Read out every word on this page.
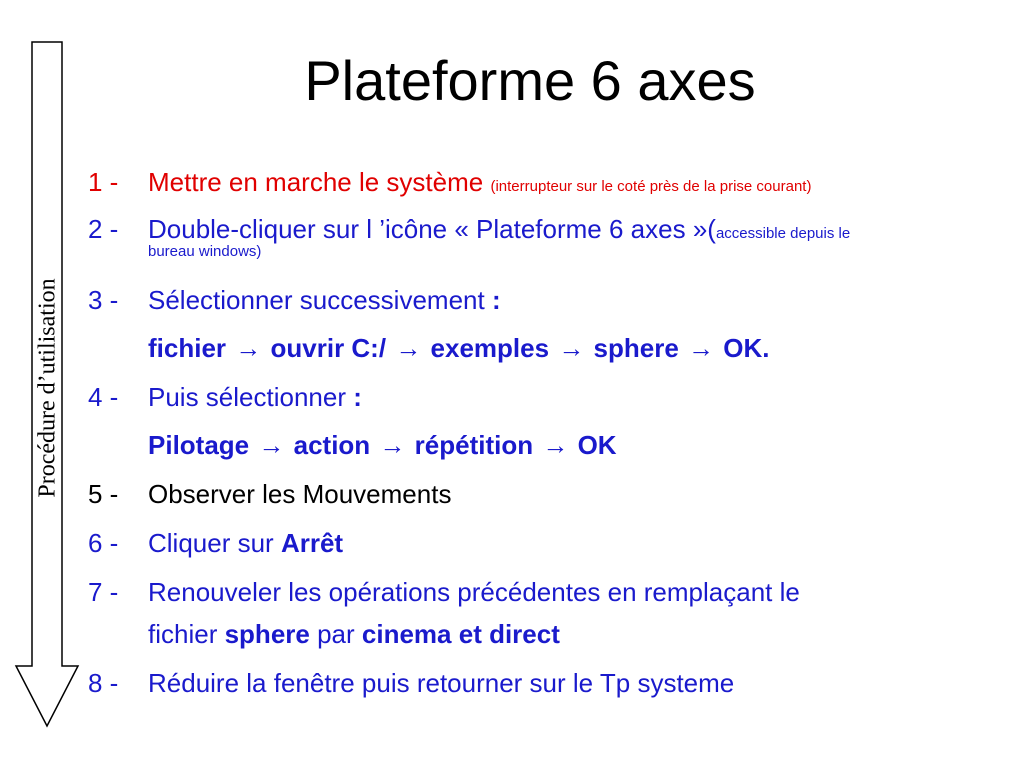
Plateforme 6 axes
Procédure d’utilisation
1 -	Mettre en marche le système (interrupteur sur le coté près de la prise courant)
2 -	Double-cliquer sur l ’icône « Plateforme 6 axes »(accessible depuis le
bureau windows)
3 -	Sélectionner successivement :
fichier → ouvrir C:/ → exemples → sphere → OK.
4 -	Puis sélectionner :
Pilotage → action → répétition → OK
5 -	Observer les Mouvements
6 -	Cliquer sur Arrêt
7 -	Renouveler les opérations précédentes en remplaçant le
fichier sphere par cinema et direct
8 -	Réduire la fenêtre puis retourner sur le Tp systeme
